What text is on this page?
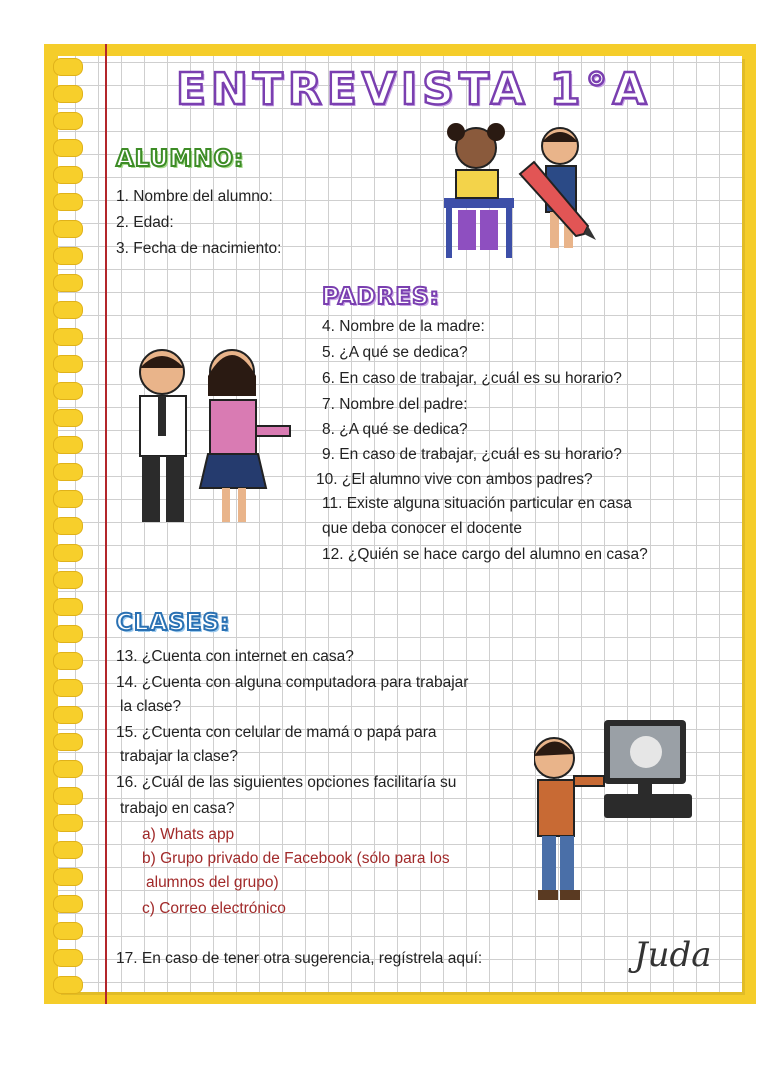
ENTREVISTA 1°A
ALUMNO:
1. Nombre del alumno:
2. Edad:
3. Fecha de nacimiento:
PADRES:
4. Nombre de la madre:
5. ¿A qué se dedica?
6. En caso de trabajar, ¿cuál es su horario?
7. Nombre del padre:
8. ¿A qué se dedica?
9. En caso de trabajar, ¿cuál es su horario?
10. ¿El alumno vive con ambos padres?
11. Existe alguna situación particular en casa
que deba conocer el docente
12. ¿Quién se hace cargo del alumno en casa?
CLASES:
13. ¿Cuenta con internet en casa?
14. ¿Cuenta con alguna computadora para trabajar
la clase?
15. ¿Cuenta con celular de mamá o papá para
trabajar la clase?
16. ¿Cuál de las siguientes opciones facilitaría su
trabajo en casa?
a) Whats app
b) Grupo privado de Facebook (sólo para los
alumnos del grupo)
c) Correo electrónico
17. En caso de tener otra sugerencia, regístrela aquí:	Juda
